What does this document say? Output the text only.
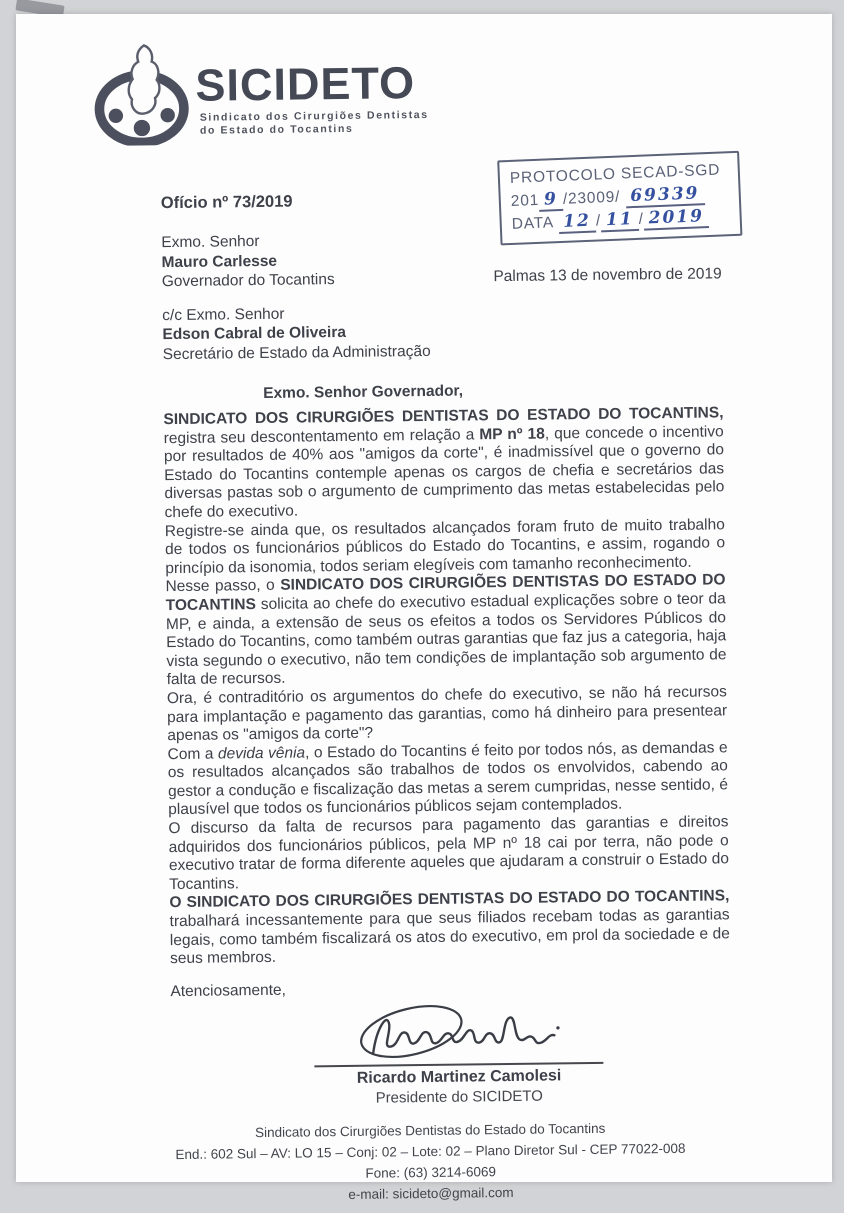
SICIDETO
Sindicato dos Cirurgiões Dentistas
do Estado do Tocantins
PROTOCOLO SECAD-SGD
201 9 /23009/ 69339
DATA 12 / 11 / 2019
Ofício nº 73/2019
Exmo. Senhor
Mauro Carlesse
Governador do Tocantins	Palmas 13 de novembro de 2019
c/c Exmo. Senhor
Edson Cabral de Oliveira
Secretário de Estado da Administração
Exmo. Senhor Governador,

SINDICATO DOS CIRURGIÕES DENTISTAS DO ESTADO DO TOCANTINS, registra seu descontentamento em relação a MP nº 18, que concede o incentivo por resultados de 40% aos "amigos da corte", é inadmissível que o governo do Estado do Tocantins contemple apenas os cargos de chefia e secretários das diversas pastas sob o argumento de cumprimento das metas estabelecidas pelo chefe do executivo.

Registre-se ainda que, os resultados alcançados foram fruto de muito trabalho de todos os funcionários públicos do Estado do Tocantins, e assim, rogando o princípio da isonomia, todos seriam elegíveis com tamanho reconhecimento.

Nesse passo, o SINDICATO DOS CIRURGIÕES DENTISTAS DO ESTADO DO TOCANTINS solicita ao chefe do executivo estadual explicações sobre o teor da MP, e ainda, a extensão de seus os efeitos a todos os Servidores Públicos do Estado do Tocantins, como também outras garantias que faz jus a categoria, haja vista segundo o executivo, não tem condições de implantação sob argumento de falta de recursos.

Ora, é contraditório os argumentos do chefe do executivo, se não há recursos para implantação e pagamento das garantias, como há dinheiro para presentear apenas os "amigos da corte"?

Com a devida vênia, o Estado do Tocantins é feito por todos nós, as demandas e os resultados alcançados são trabalhos de todos os envolvidos, cabendo ao gestor a condução e fiscalização das metas a serem cumpridas, nesse sentido, é plausível que todos os funcionários públicos sejam contemplados.

O discurso da falta de recursos para pagamento das garantias e direitos adquiridos dos funcionários públicos, pela MP nº 18 cai por terra, não pode o executivo tratar de forma diferente aqueles que ajudaram a construir o Estado do Tocantins.

O SINDICATO DOS CIRURGIÕES DENTISTAS DO ESTADO DO TOCANTINS, trabalhará incessantemente para que seus filiados recebam todas as garantias legais, como também fiscalizará os atos do executivo, em prol da sociedade e de seus membros.

Atenciosamente,
Ricardo Martinez Camolesi
Presidente do SICIDETO
Sindicato dos Cirurgiões Dentistas do Estado do Tocantins
End.: 602 Sul – AV: LO 15 – Conj: 02 – Lote: 02 – Plano Diretor Sul - CEP 77022-008
Fone: (63) 3214-6069
e-mail: sicideto@gmail.com
